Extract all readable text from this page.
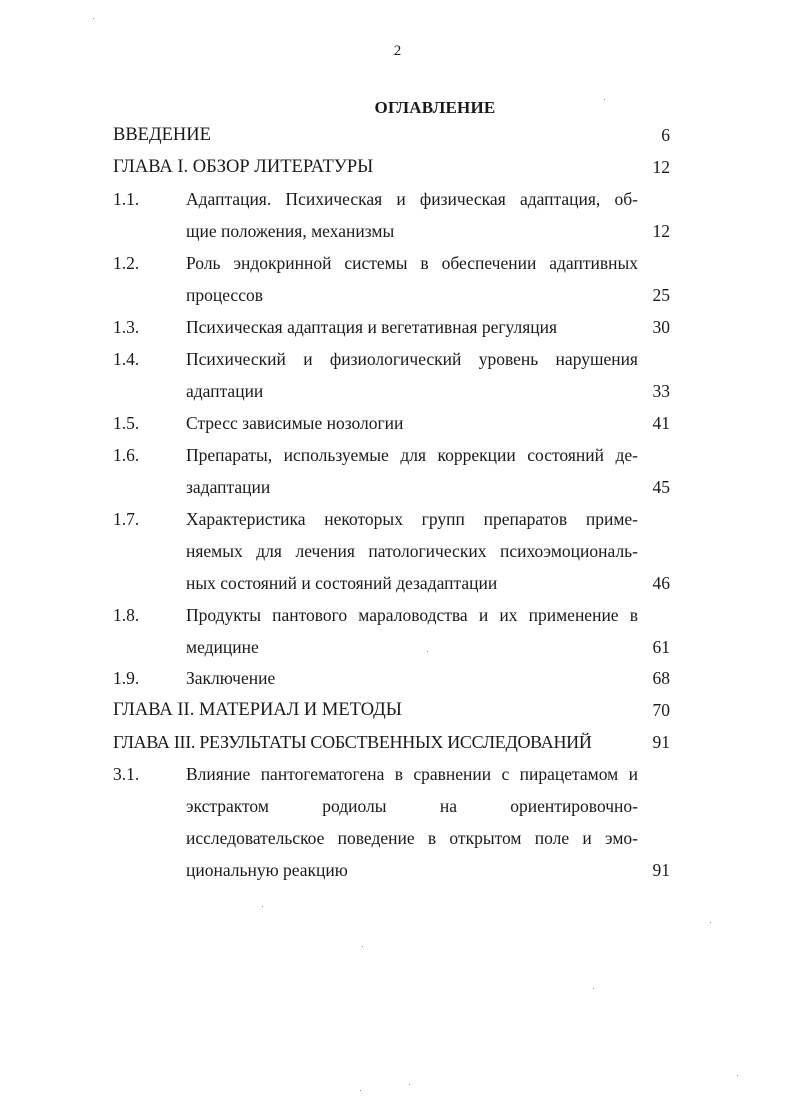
2
ОГЛАВЛЕНИЕ
ВВЕДЕНИЕ	6
ГЛАВА I. ОБЗОР ЛИТЕРАТУРЫ	12
1.1.	Адаптация. Психическая и физическая адаптация, об-
щие положения, механизмы	12
1.2.	Роль эндокринной системы в обеспечении адаптивных
процессов	25
1.3.	Психическая адаптация и вегетативная регуляция	30
1.4.	Психический и физиологический уровень нарушения
адаптации	33
1.5.	Стресс зависимые нозологии	41
1.6.	Препараты, используемые для коррекции состояний де-
задаптации	45
1.7.	Характеристика некоторых групп препаратов приме-
няемых для лечения патологических психоэмоциональ-
ных состояний и состояний дезадаптации	46
1.8.	Продукты пантового мараловодства и их применение в
медицине	61
1.9.	Заключение	68
ГЛАВА II. МАТЕРИАЛ И МЕТОДЫ	70
ГЛАВА III. РЕЗУЛЬТАТЫ СОБСТВЕННЫХ ИССЛЕДОВАНИЙ	91
3.1.	Влияние пантогематогена в сравнении с пирацетамом и
экстрактом родиолы на ориентировочно-
исследовательское поведение в открытом поле и эмо-
циональную реакцию	91
